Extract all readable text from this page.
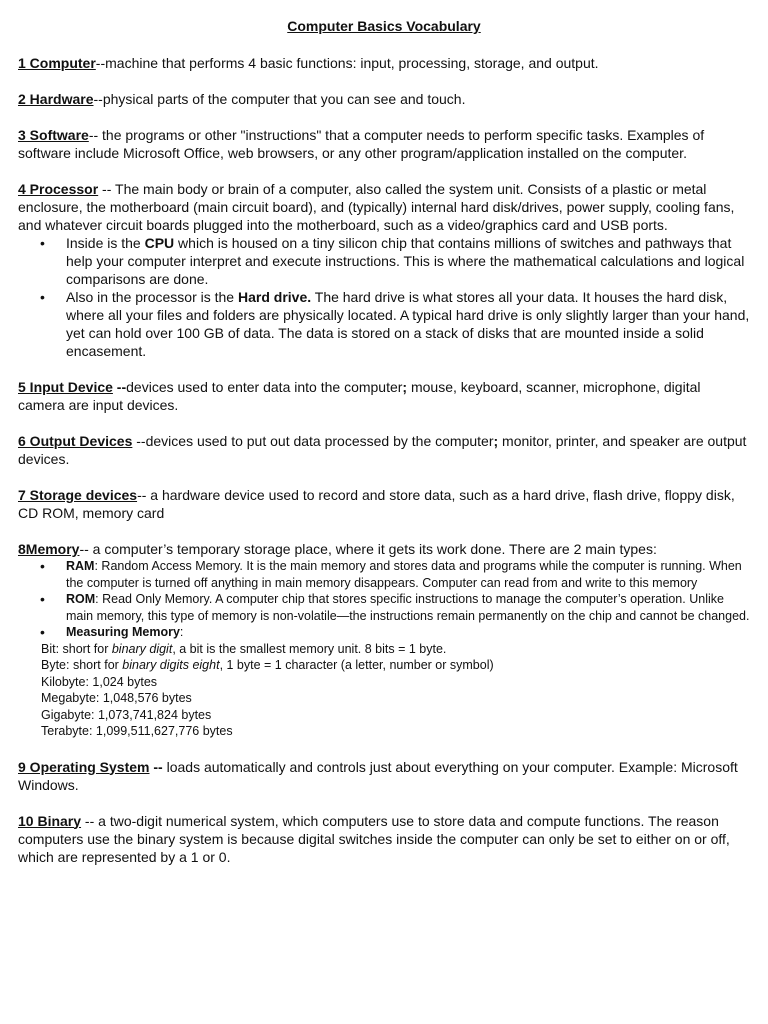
Computer Basics Vocabulary

1 Computer--machine that performs 4 basic functions: input, processing, storage, and output.

2 Hardware--physical parts of the computer that you can see and touch.

3 Software-- the programs or other "instructions" that a computer needs to perform specific tasks. Examples of software include Microsoft Office, web browsers, or any other program/application installed on the computer.

4 Processor -- The main body or brain of a computer, also called the system unit. Consists of a plastic or metal enclosure, the motherboard (main circuit board), and (typically) internal hard disk/drives, power supply, cooling fans, and whatever circuit boards plugged into the motherboard, such as a video/graphics card and USB ports.

• Inside is the CPU which is housed on a tiny silicon chip that contains millions of switches and pathways that help your computer interpret and execute instructions. This is where the mathematical calculations and logical comparisons are done.
• Also in the processor is the Hard drive. The hard drive is what stores all your data. It houses the hard disk, where all your files and folders are physically located. A typical hard drive is only slightly larger than your hand, yet can hold over 100 GB of data. The data is stored on a stack of disks that are mounted inside a solid encasement.

5 Input Device --devices used to enter data into the computer; mouse, keyboard, scanner, microphone, digital camera are input devices.

6 Output Devices --devices used to put out data processed by the computer; monitor, printer, and speaker are output devices.

7 Storage devices-- a hardware device used to record and store data, such as a hard drive, flash drive, floppy disk, CD ROM, memory card

8Memory-- a computer’s temporary storage place, where it gets its work done. There are 2 main types:

• RAM: Random Access Memory. It is the main memory and stores data and programs while the computer is running. When the computer is turned off anything in main memory disappears. Computer can read from and write to this memory
• ROM: Read Only Memory. A computer chip that stores specific instructions to manage the computer’s operation. Unlike main memory, this type of memory is non-volatile—the instructions remain permanently on the chip and cannot be changed.
• Measuring Memory:
Bit: short for binary digit, a bit is the smallest memory unit. 8 bits = 1 byte.
Byte: short for binary digits eight, 1 byte = 1 character (a letter, number or symbol)
Kilobyte: 1,024 bytes
Megabyte: 1,048,576 bytes
Gigabyte: 1,073,741,824 bytes
Terabyte: 1,099,511,627,776 bytes

9 Operating System -- loads automatically and controls just about everything on your computer. Example: Microsoft Windows.

10 Binary -- a two-digit numerical system, which computers use to store data and compute functions. The reason computers use the binary system is because digital switches inside the computer can only be set to either on or off, which are represented by a 1 or 0.
